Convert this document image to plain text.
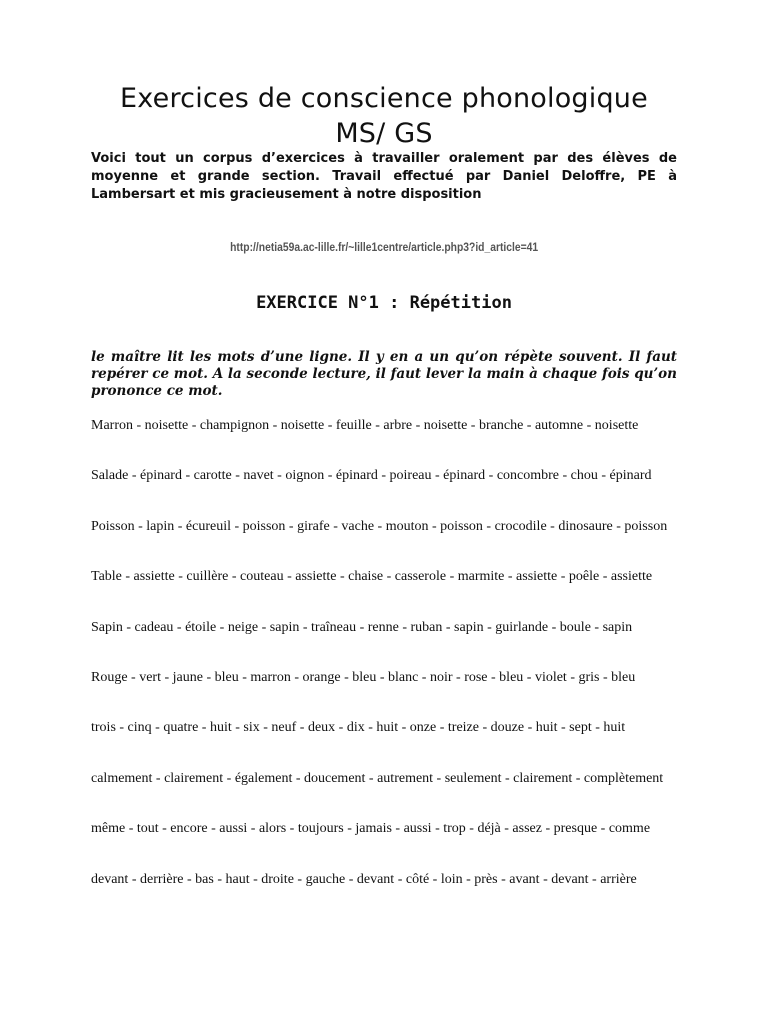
Exercices de conscience phonologique
MS/ GS

Voici tout un corpus d’exercices à travailler oralement par des élèves de moyenne et grande section. Travail effectué par Daniel Deloffre, PE à Lambersart et mis gracieusement à notre disposition

http://netia59a.ac-lille.fr/~lille1centre/article.php3?id_article=41

EXERCICE N°1 : Répétition

le maître lit les mots d’une ligne. Il y en a un qu’on répète souvent. Il faut repérer ce mot. A la seconde lecture, il faut lever la main à chaque fois qu’on prononce ce mot.

Marron - noisette - champignon - noisette - feuille - arbre - noisette - branche - automne - noisette
Salade - épinard - carotte - navet - oignon - épinard - poireau - épinard - concombre - chou - épinard
Poisson - lapin - écureuil - poisson - girafe - vache - mouton - poisson - crocodile - dinosaure - poisson
Table - assiette - cuillère - couteau - assiette - chaise - casserole - marmite - assiette - poêle - assiette
Sapin - cadeau - étoile - neige - sapin - traîneau - renne - ruban - sapin - guirlande - boule - sapin
Rouge - vert - jaune - bleu - marron - orange - bleu - blanc - noir - rose - bleu - violet - gris - bleu
trois - cinq - quatre - huit - six - neuf - deux - dix - huit - onze - treize - douze - huit - sept - huit
calmement - clairement - également - doucement - autrement - seulement - clairement - complètement
même - tout - encore - aussi - alors - toujours - jamais - aussi - trop - déjà - assez - presque - comme
devant - derrière - bas - haut - droite - gauche - devant - côté - loin - près - avant - devant - arrière
